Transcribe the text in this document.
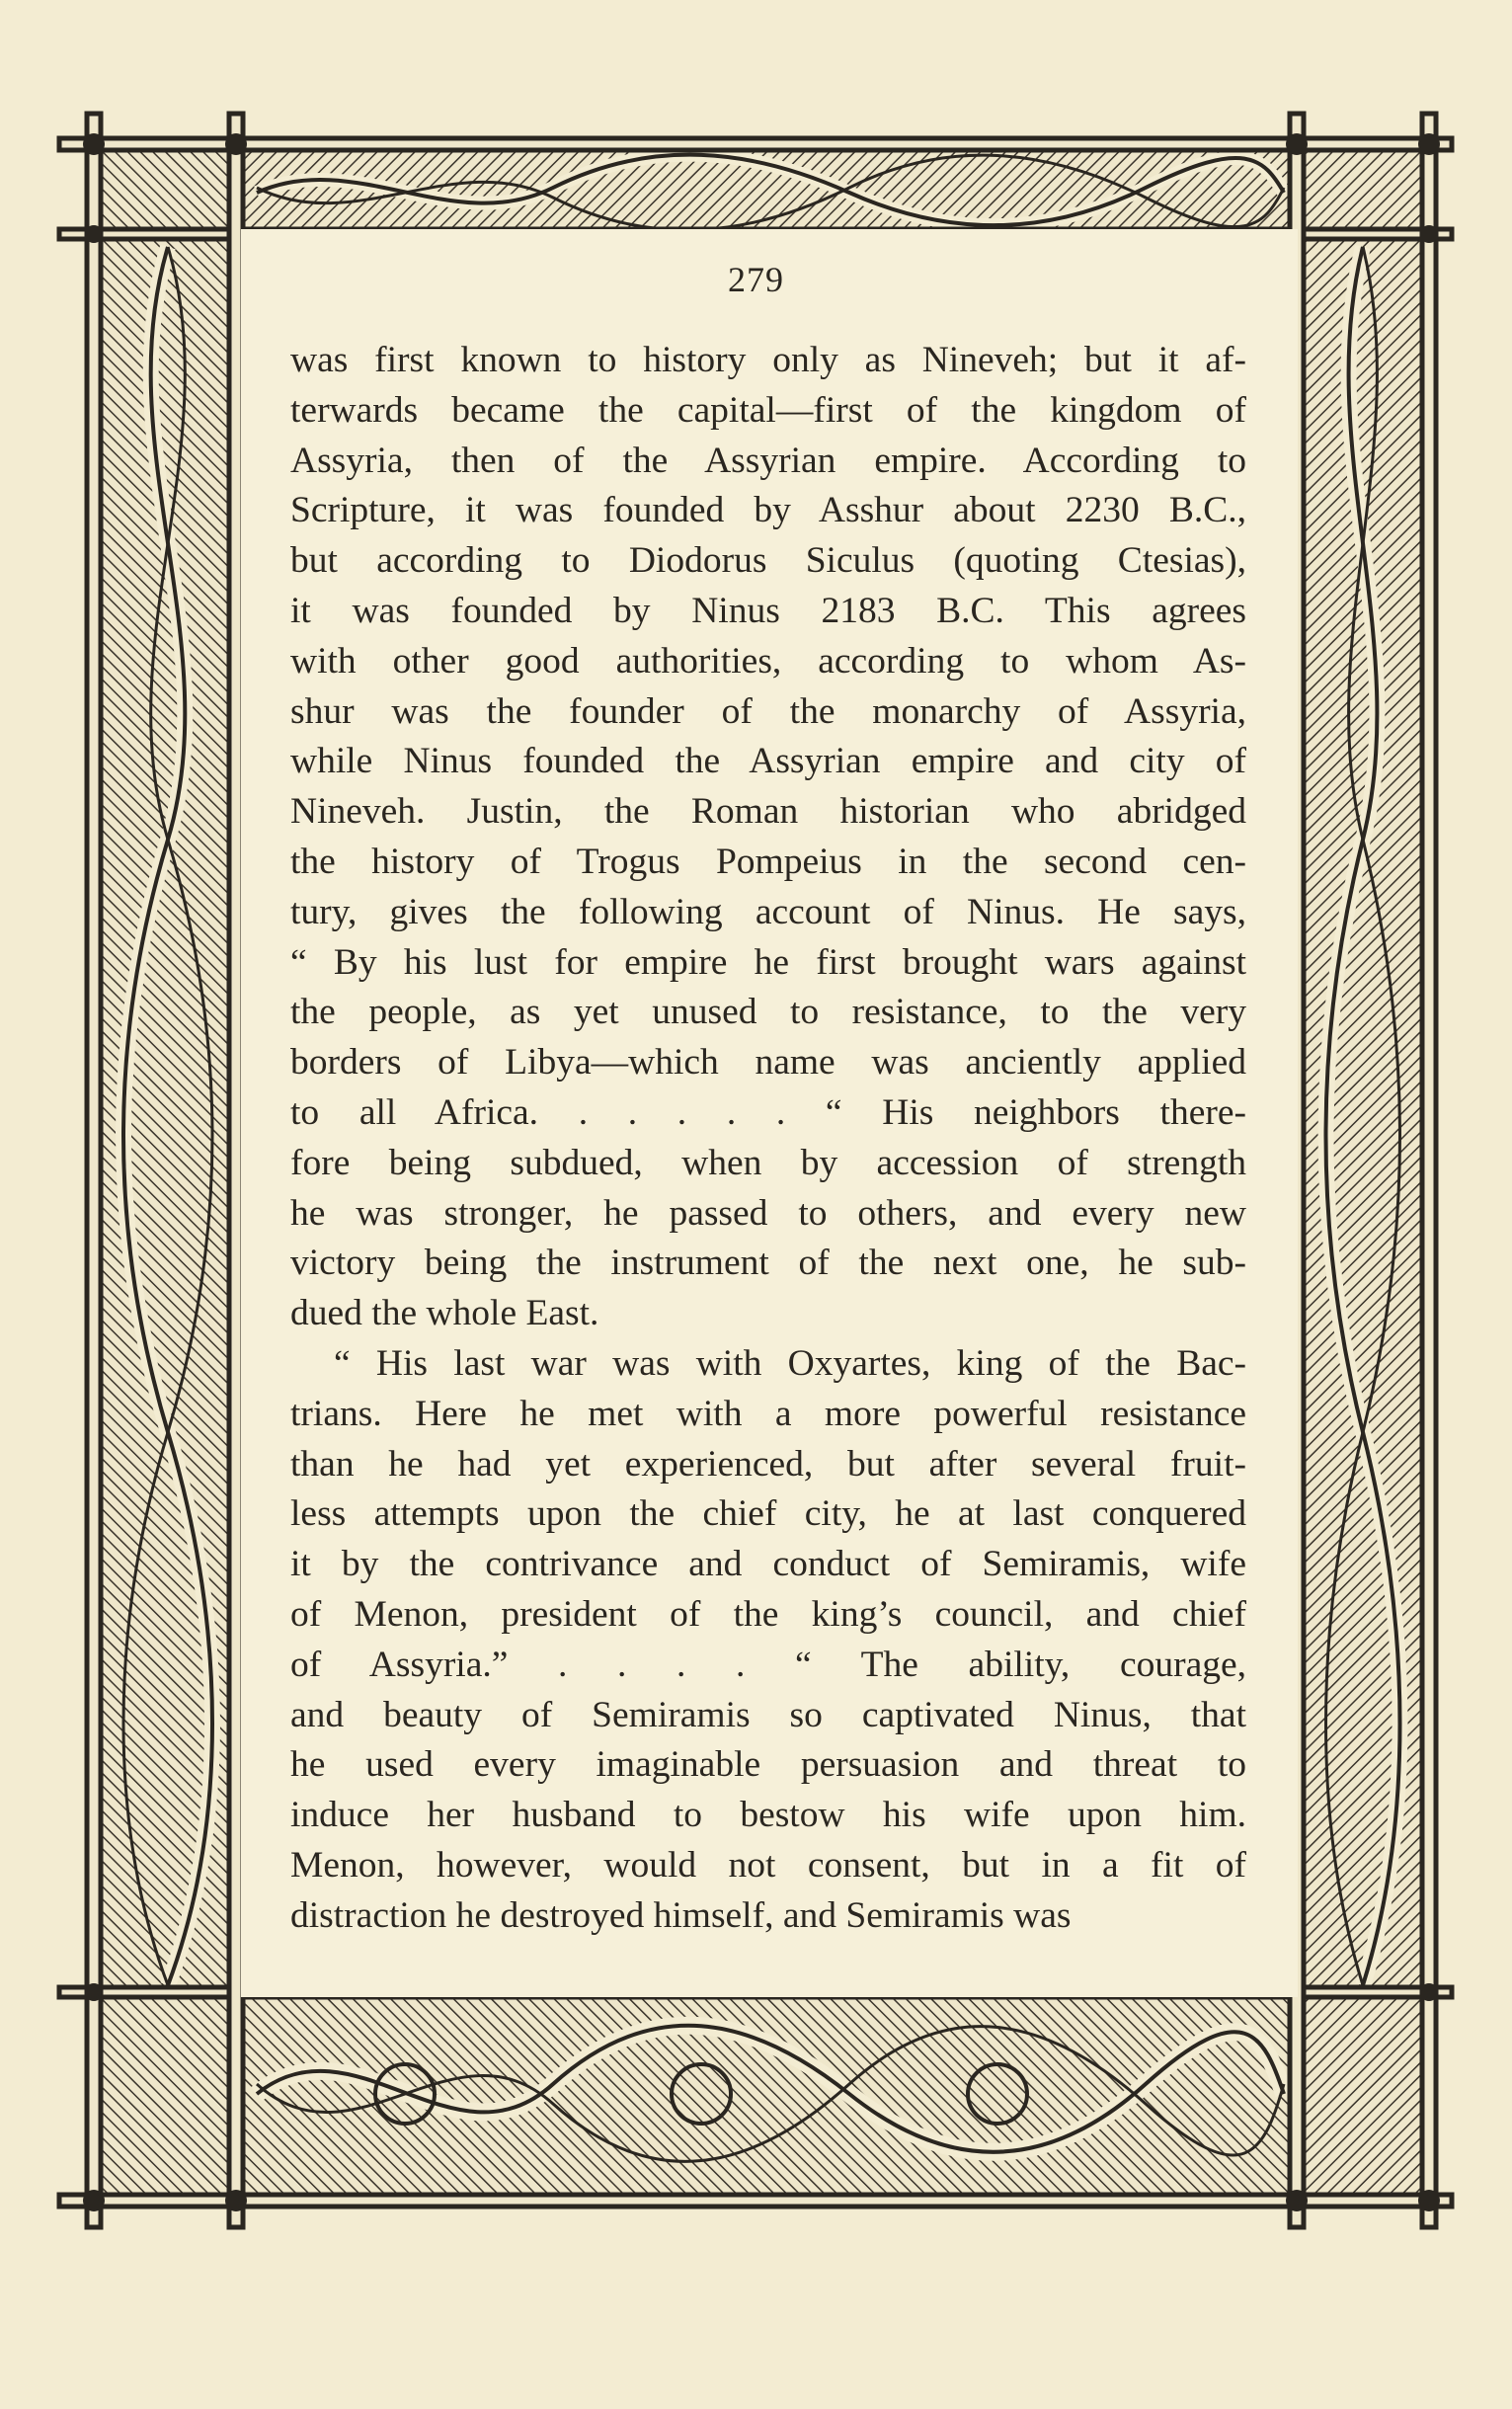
279
was first known to history only as Nineveh; but it af-
terwards became the capital—first of the kingdom of
Assyria, then of the Assyrian empire. According to
Scripture, it was founded by Asshur about 2230 B.C.,
but according to Diodorus Siculus (quoting Ctesias),
it was founded by Ninus 2183 B.C. This agrees
with other good authorities, according to whom As-
shur was the founder of the monarchy of Assyria,
while Ninus founded the Assyrian empire and city of
Nineveh. Justin, the Roman historian who abridged
the history of Trogus Pompeius in the second cen-
tury, gives the following account of Ninus. He says,
“ By his lust for empire he first brought wars against
the people, as yet unused to resistance, to the very
borders of Libya—which name was anciently applied
to all Africa. . . . . . “ His neighbors there-
fore being subdued, when by accession of strength
he was stronger, he passed to others, and every new
victory being the instrument of the next one, he sub-
dued the whole East.
“ His last war was with Oxyartes, king of the Bac-
trians. Here he met with a more powerful resistance
than he had yet experienced, but after several fruit-
less attempts upon the chief city, he at last conquered
it by the contrivance and conduct of Semiramis, wife
of Menon, president of the king’s council, and chief
of Assyria.” . . . . “ The ability, courage,
and beauty of Semiramis so captivated Ninus, that
he used every imaginable persuasion and threat to
induce her husband to bestow his wife upon him.
Menon, however, would not consent, but in a fit of
distraction he destroyed himself, and Semiramis was
